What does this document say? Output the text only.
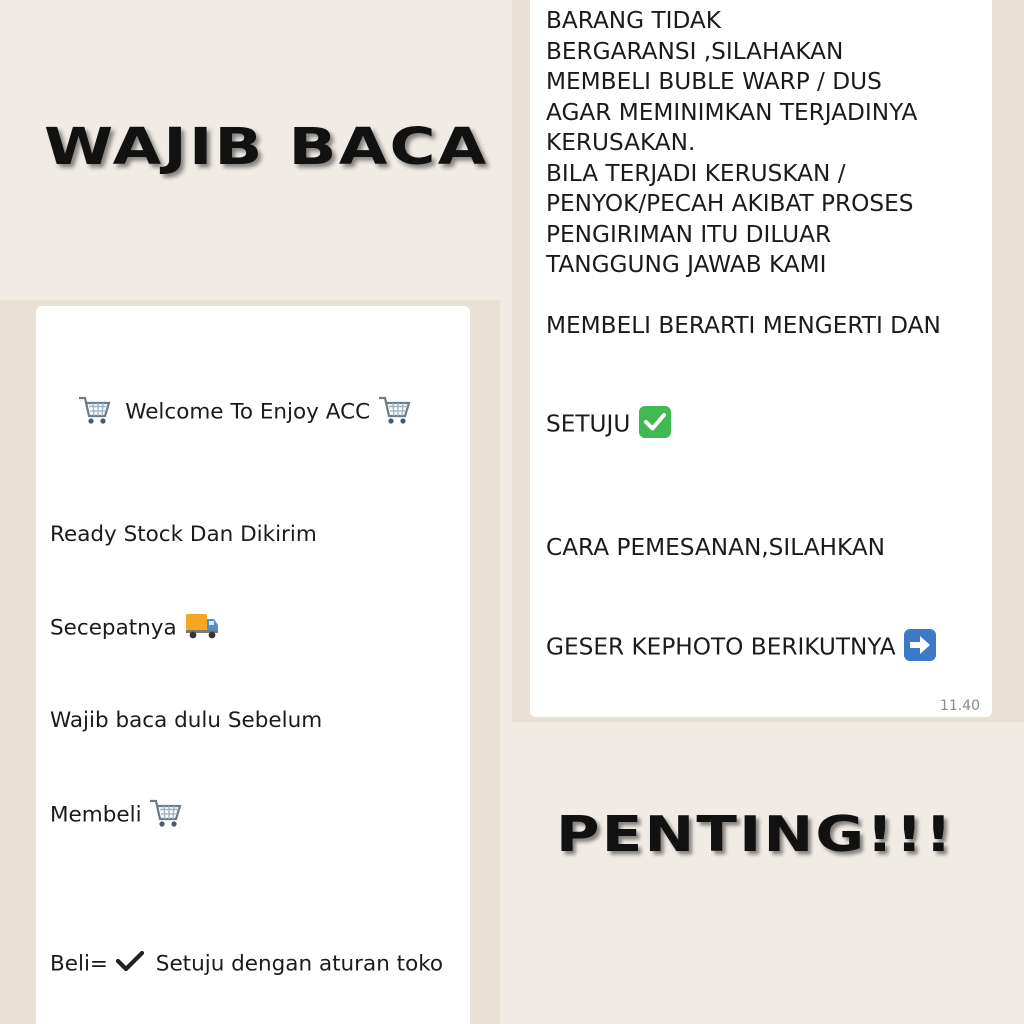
WAJIB BACA
PENTING!!!

Welcome To Enjoy ACC

Ready Stock Dan Dikirim
Secepatnya

Wajib baca dulu Sebelum
Membeli

Beli=

Setuju dengan aturan toko
BARANG TIDAK
BERGARANSI ,SILAHAKAN
MEMBELI BUBLE WARP / DUS
AGAR MEMINIMKAN TERJADINYA
KERUSAKAN.
BILA TERJADI KERUSKAN /
PENYOK/PECAH AKIBAT PROSES
PENGIRIMAN ITU DILUAR
TANGGUNG JAWAB KAMI
MEMBELI BERARTI MENGERTI DAN
SETUJU

CARA PEMESANAN,SILAHKAN
GESER KEPHOTO BERIKUTNYA

11.40
